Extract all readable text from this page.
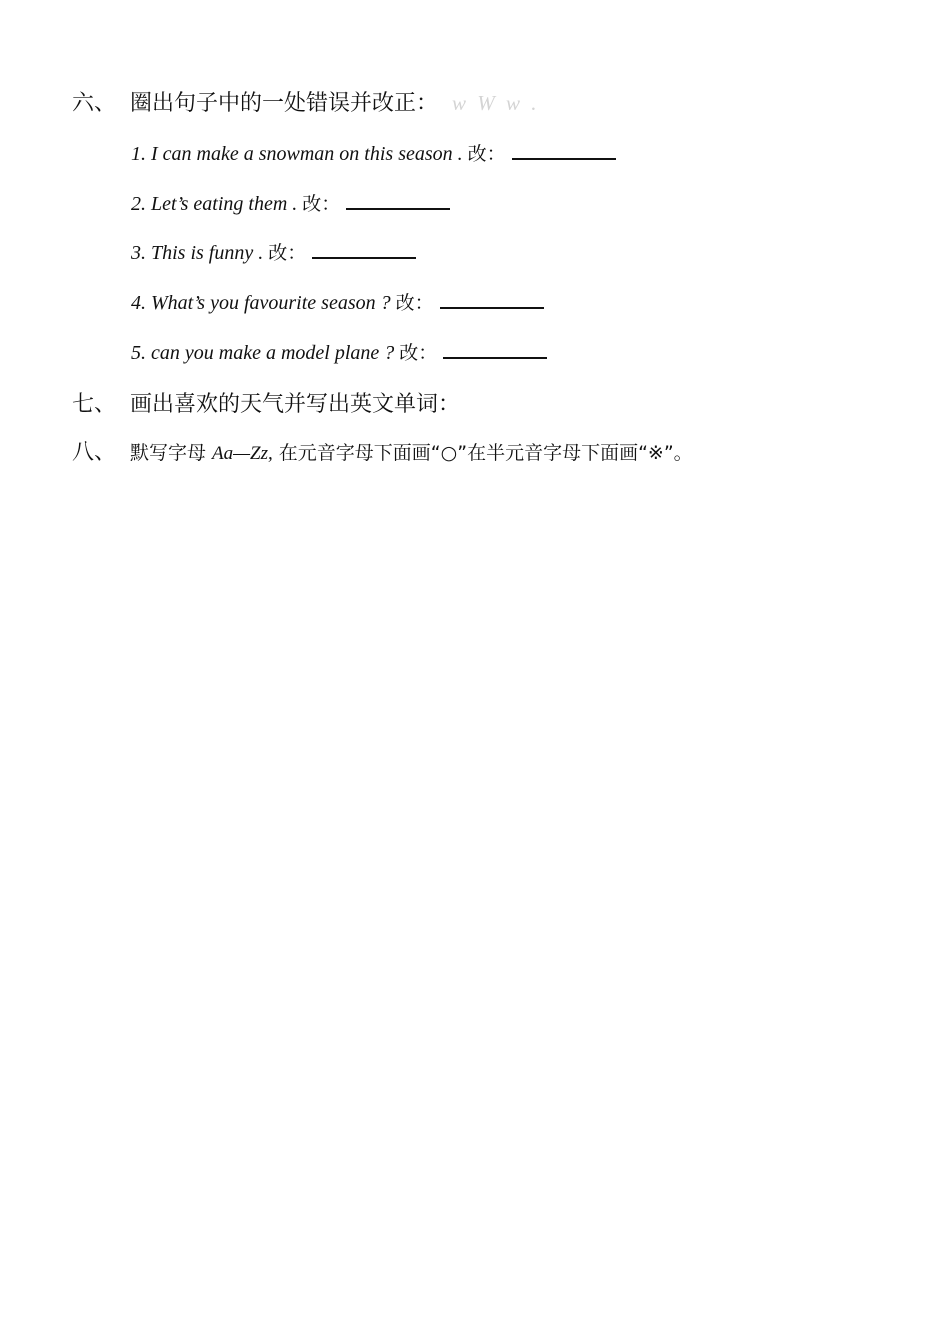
六、 圈出句子中的一处错误并改正： w W w .
1. I can make a snowman on this season . 改：
2. Let’s eating them . 改：
3. This is funny . 改：
4. What’s you favourite season ? 改：
5. can you make a model plane ? 改：
七、 画出喜欢的天气并写出英文单词：
八、 默写字母 Aa—Zz, 在元音字母下面画“○”在半元音字母下面画“※”。
